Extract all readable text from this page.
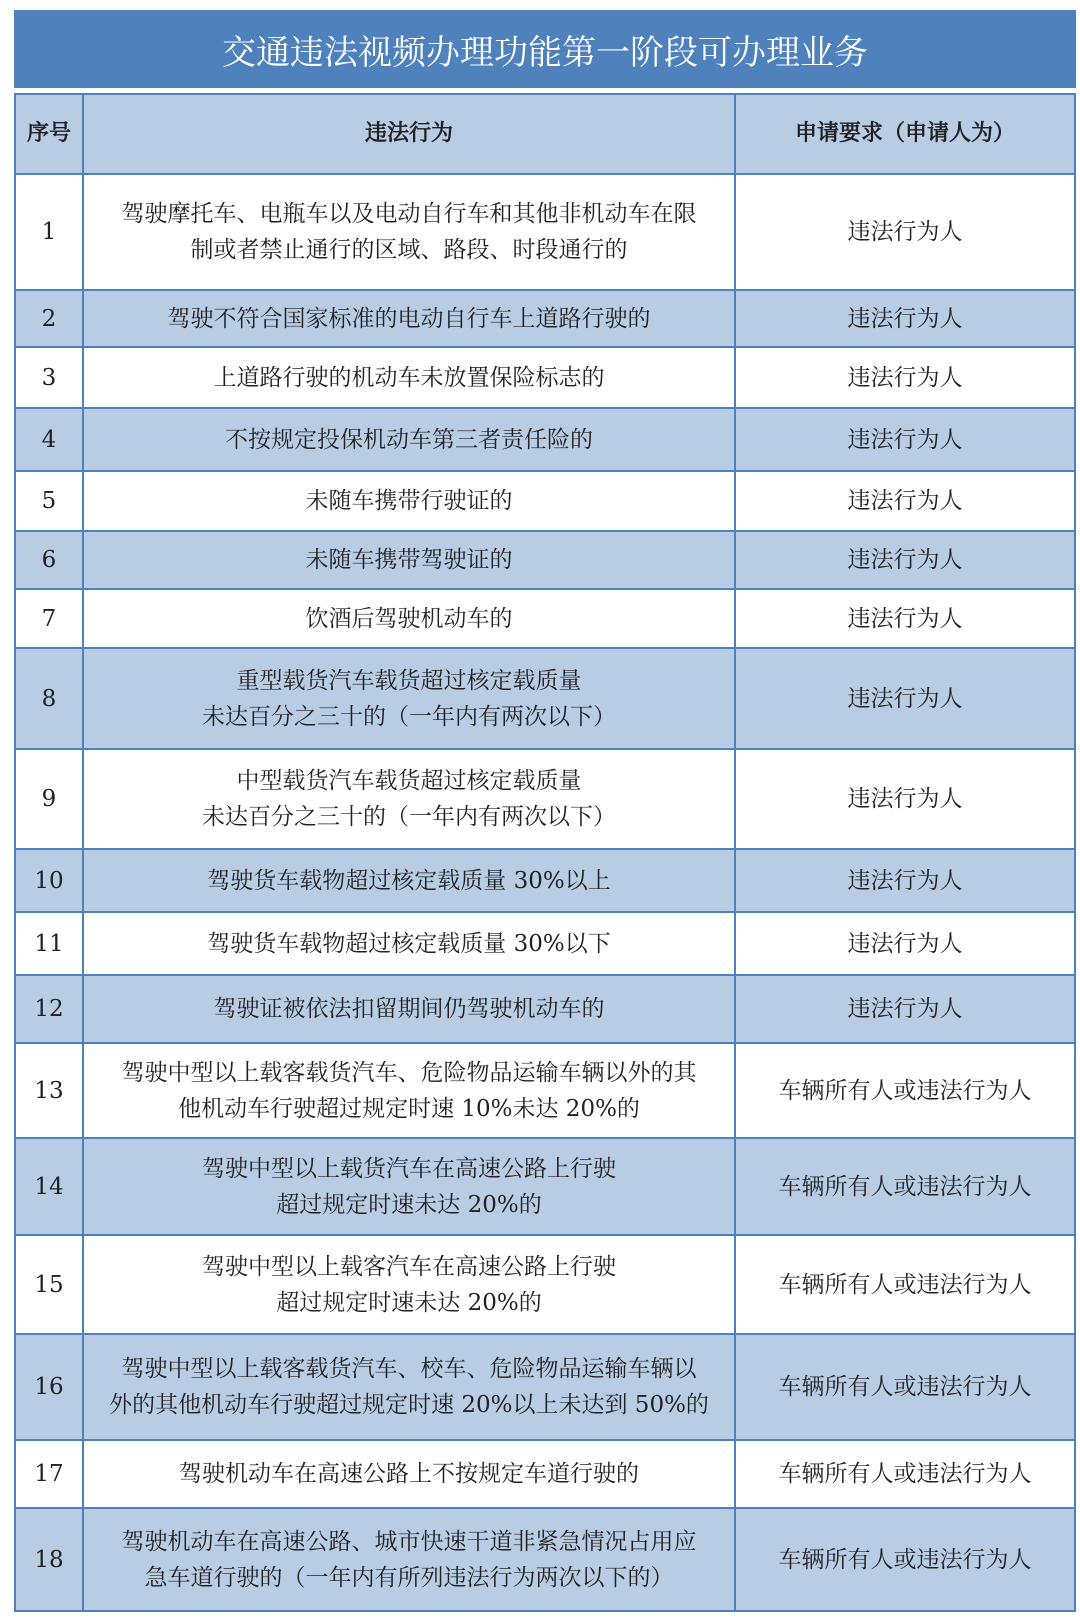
交通违法视频办理功能第一阶段可办理业务
序号	违法行为	申请要求（申请人为）
1	驾驶摩托车、电瓶车以及电动自行车和其他非机动车在限
制或者禁止通行的区域、路段、时段通行的	违法行为人
2	驾驶不符合国家标准的电动自行车上道路行驶的	违法行为人
3	上道路行驶的机动车未放置保险标志的	违法行为人
4	不按规定投保机动车第三者责任险的	违法行为人
5	未随车携带行驶证的	违法行为人
6	未随车携带驾驶证的	违法行为人
7	饮酒后驾驶机动车的	违法行为人
8	重型载货汽车载货超过核定载质量
未达百分之三十的（一年内有两次以下）	违法行为人
9	中型载货汽车载货超过核定载质量
未达百分之三十的（一年内有两次以下）	违法行为人
10	驾驶货车载物超过核定载质量 30%以上	违法行为人
11	驾驶货车载物超过核定载质量 30%以下	违法行为人
12	驾驶证被依法扣留期间仍驾驶机动车的	违法行为人
13	驾驶中型以上载客载货汽车、危险物品运输车辆以外的其
他机动车行驶超过规定时速 10%未达 20%的	车辆所有人或违法行为人
14	驾驶中型以上载货汽车在高速公路上行驶
超过规定时速未达 20%的	车辆所有人或违法行为人
15	驾驶中型以上载客汽车在高速公路上行驶
超过规定时速未达 20%的	车辆所有人或违法行为人
16	驾驶中型以上载客载货汽车、校车、危险物品运输车辆以
外的其他机动车行驶超过规定时速 20%以上未达到 50%的	车辆所有人或违法行为人
17	驾驶机动车在高速公路上不按规定车道行驶的	车辆所有人或违法行为人
18	驾驶机动车在高速公路、城市快速干道非紧急情况占用应
急车道行驶的（一年内有所列违法行为两次以下的）	车辆所有人或违法行为人
